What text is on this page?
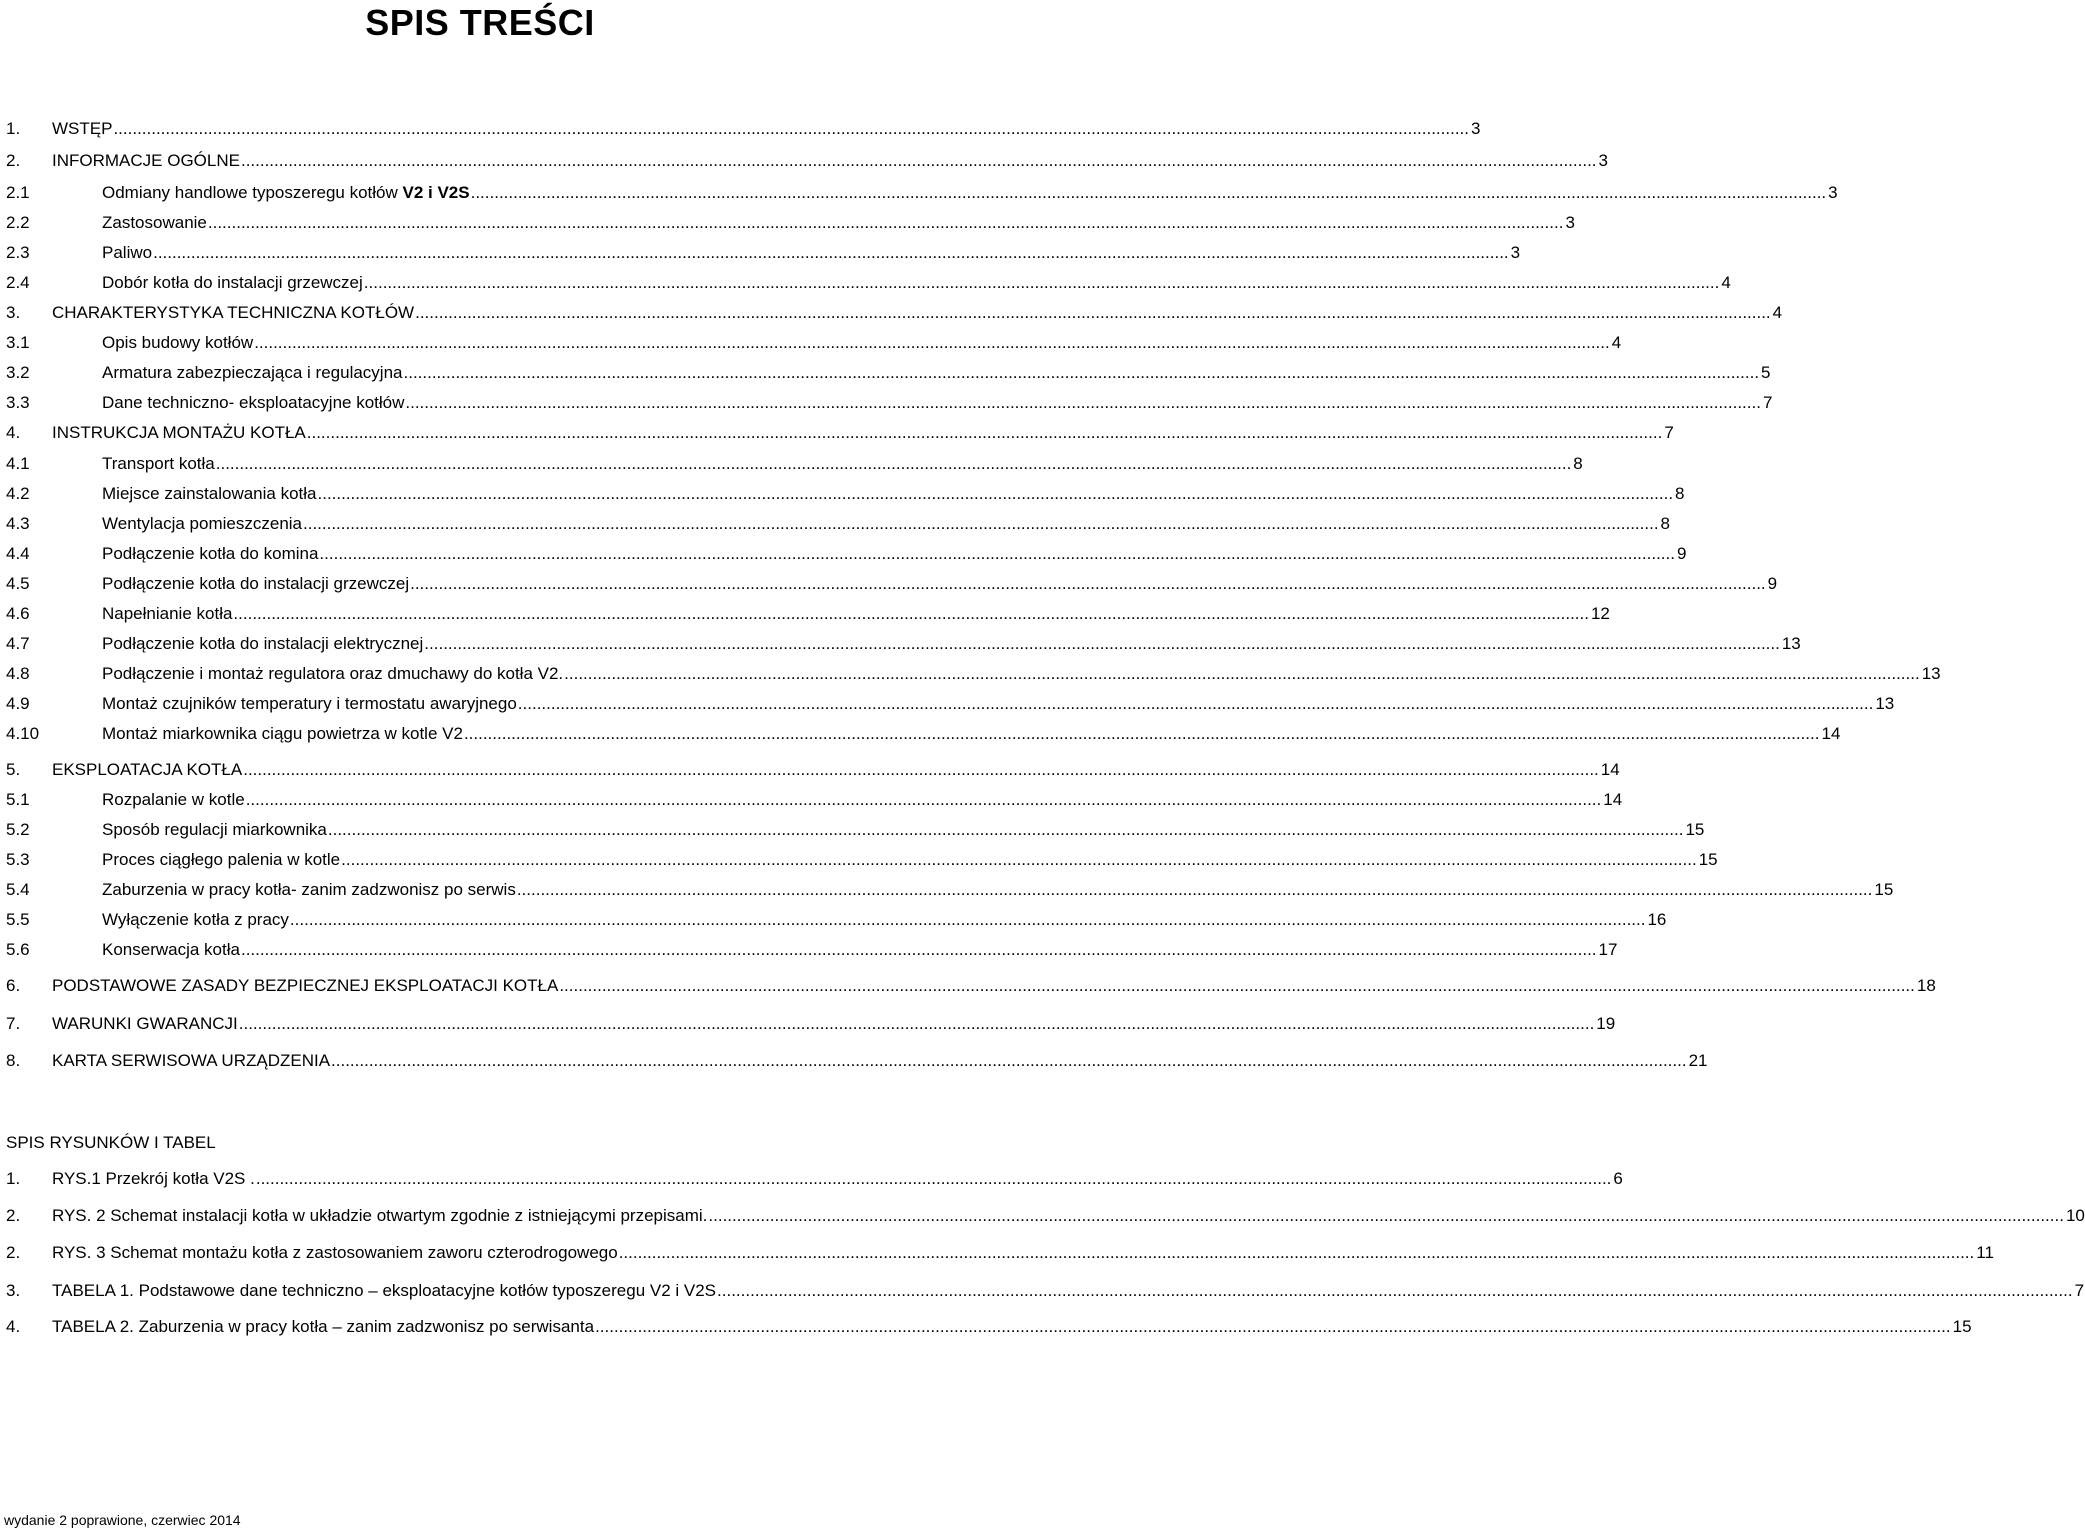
SPIS TREŚCI
1.	WSTĘP .....	3
2.	INFORMACJE OGÓLNE .....	3
2.1	Odmiany handlowe typoszeregu kotłów V2 i V2S .....	3
2.2	Zastosowanie .....	3
2.3	Paliwo .....	3
2.4	Dobór kotła do instalacji grzewczej .....	4
3.	CHARAKTERYSTYKA TECHNICZNA KOTŁÓW .....	4
3.1	Opis budowy kotłów .....	4
3.2	Armatura zabezpieczająca i regulacyjna .....	5
3.3	Dane techniczno- eksploatacyjne kotłów .....	7
4.	INSTRUKCJA MONTAŻU KOTŁA .....	7
4.1	Transport kotła .....	8
4.2	Miejsce zainstalowania kotła .....	8
4.3	Wentylacja pomieszczenia .....	8
4.4	Podłączenie kotła do komina .....	9
4.5	Podłączenie kotła do instalacji grzewczej .....	9
4.6	Napełnianie kotła .....	12
4.7	Podłączenie kotła do instalacji elektrycznej .....	13
4.8	Podłączenie i montaż regulatora oraz dmuchawy do kotła V2. .....	13
4.9	Montaż czujników temperatury i termostatu awaryjnego .....	13
4.10	Montaż miarkownika ciągu powietrza w kotle V2 .....	14
5.	EKSPLOATACJA KOTŁA .....	14
5.1	Rozpalanie w kotle .....	14
5.2	Sposób regulacji miarkownika .....	15
5.3	Proces ciągłego palenia w kotle .....	15
5.4	Zaburzenia w pracy kotła- zanim zadzwonisz po serwis .....	15
5.5	Wyłączenie kotła z pracy .....	16
5.6	Konserwacja kotła .....	17
6.	PODSTAWOWE ZASADY BEZPIECZNEJ EKSPLOATACJI KOTŁA .....	18
7.	WARUNKI GWARANCJI .....	19
8.	KARTA SERWISOWA URZĄDZENIA .....	21
SPIS RYSUNKÓW I TABEL
1.	RYS.1 Przekrój kotła V2S . .....	6
2.	RYS. 2 Schemat instalacji kotła w układzie otwartym zgodnie z istniejącymi przepisami. .....	10
2.	RYS. 3 Schemat montażu kotła z zastosowaniem zaworu czterodrogowego .....	11
3.	TABELA 1. Podstawowe dane techniczno – eksploatacyjne kotłów typoszeregu V2 i V2S .....	7
4.	TABELA 2. Zaburzenia w pracy kotła – zanim zadzwonisz po serwisanta .....	15
wydanie 2 poprawione, czerwiec 2014
